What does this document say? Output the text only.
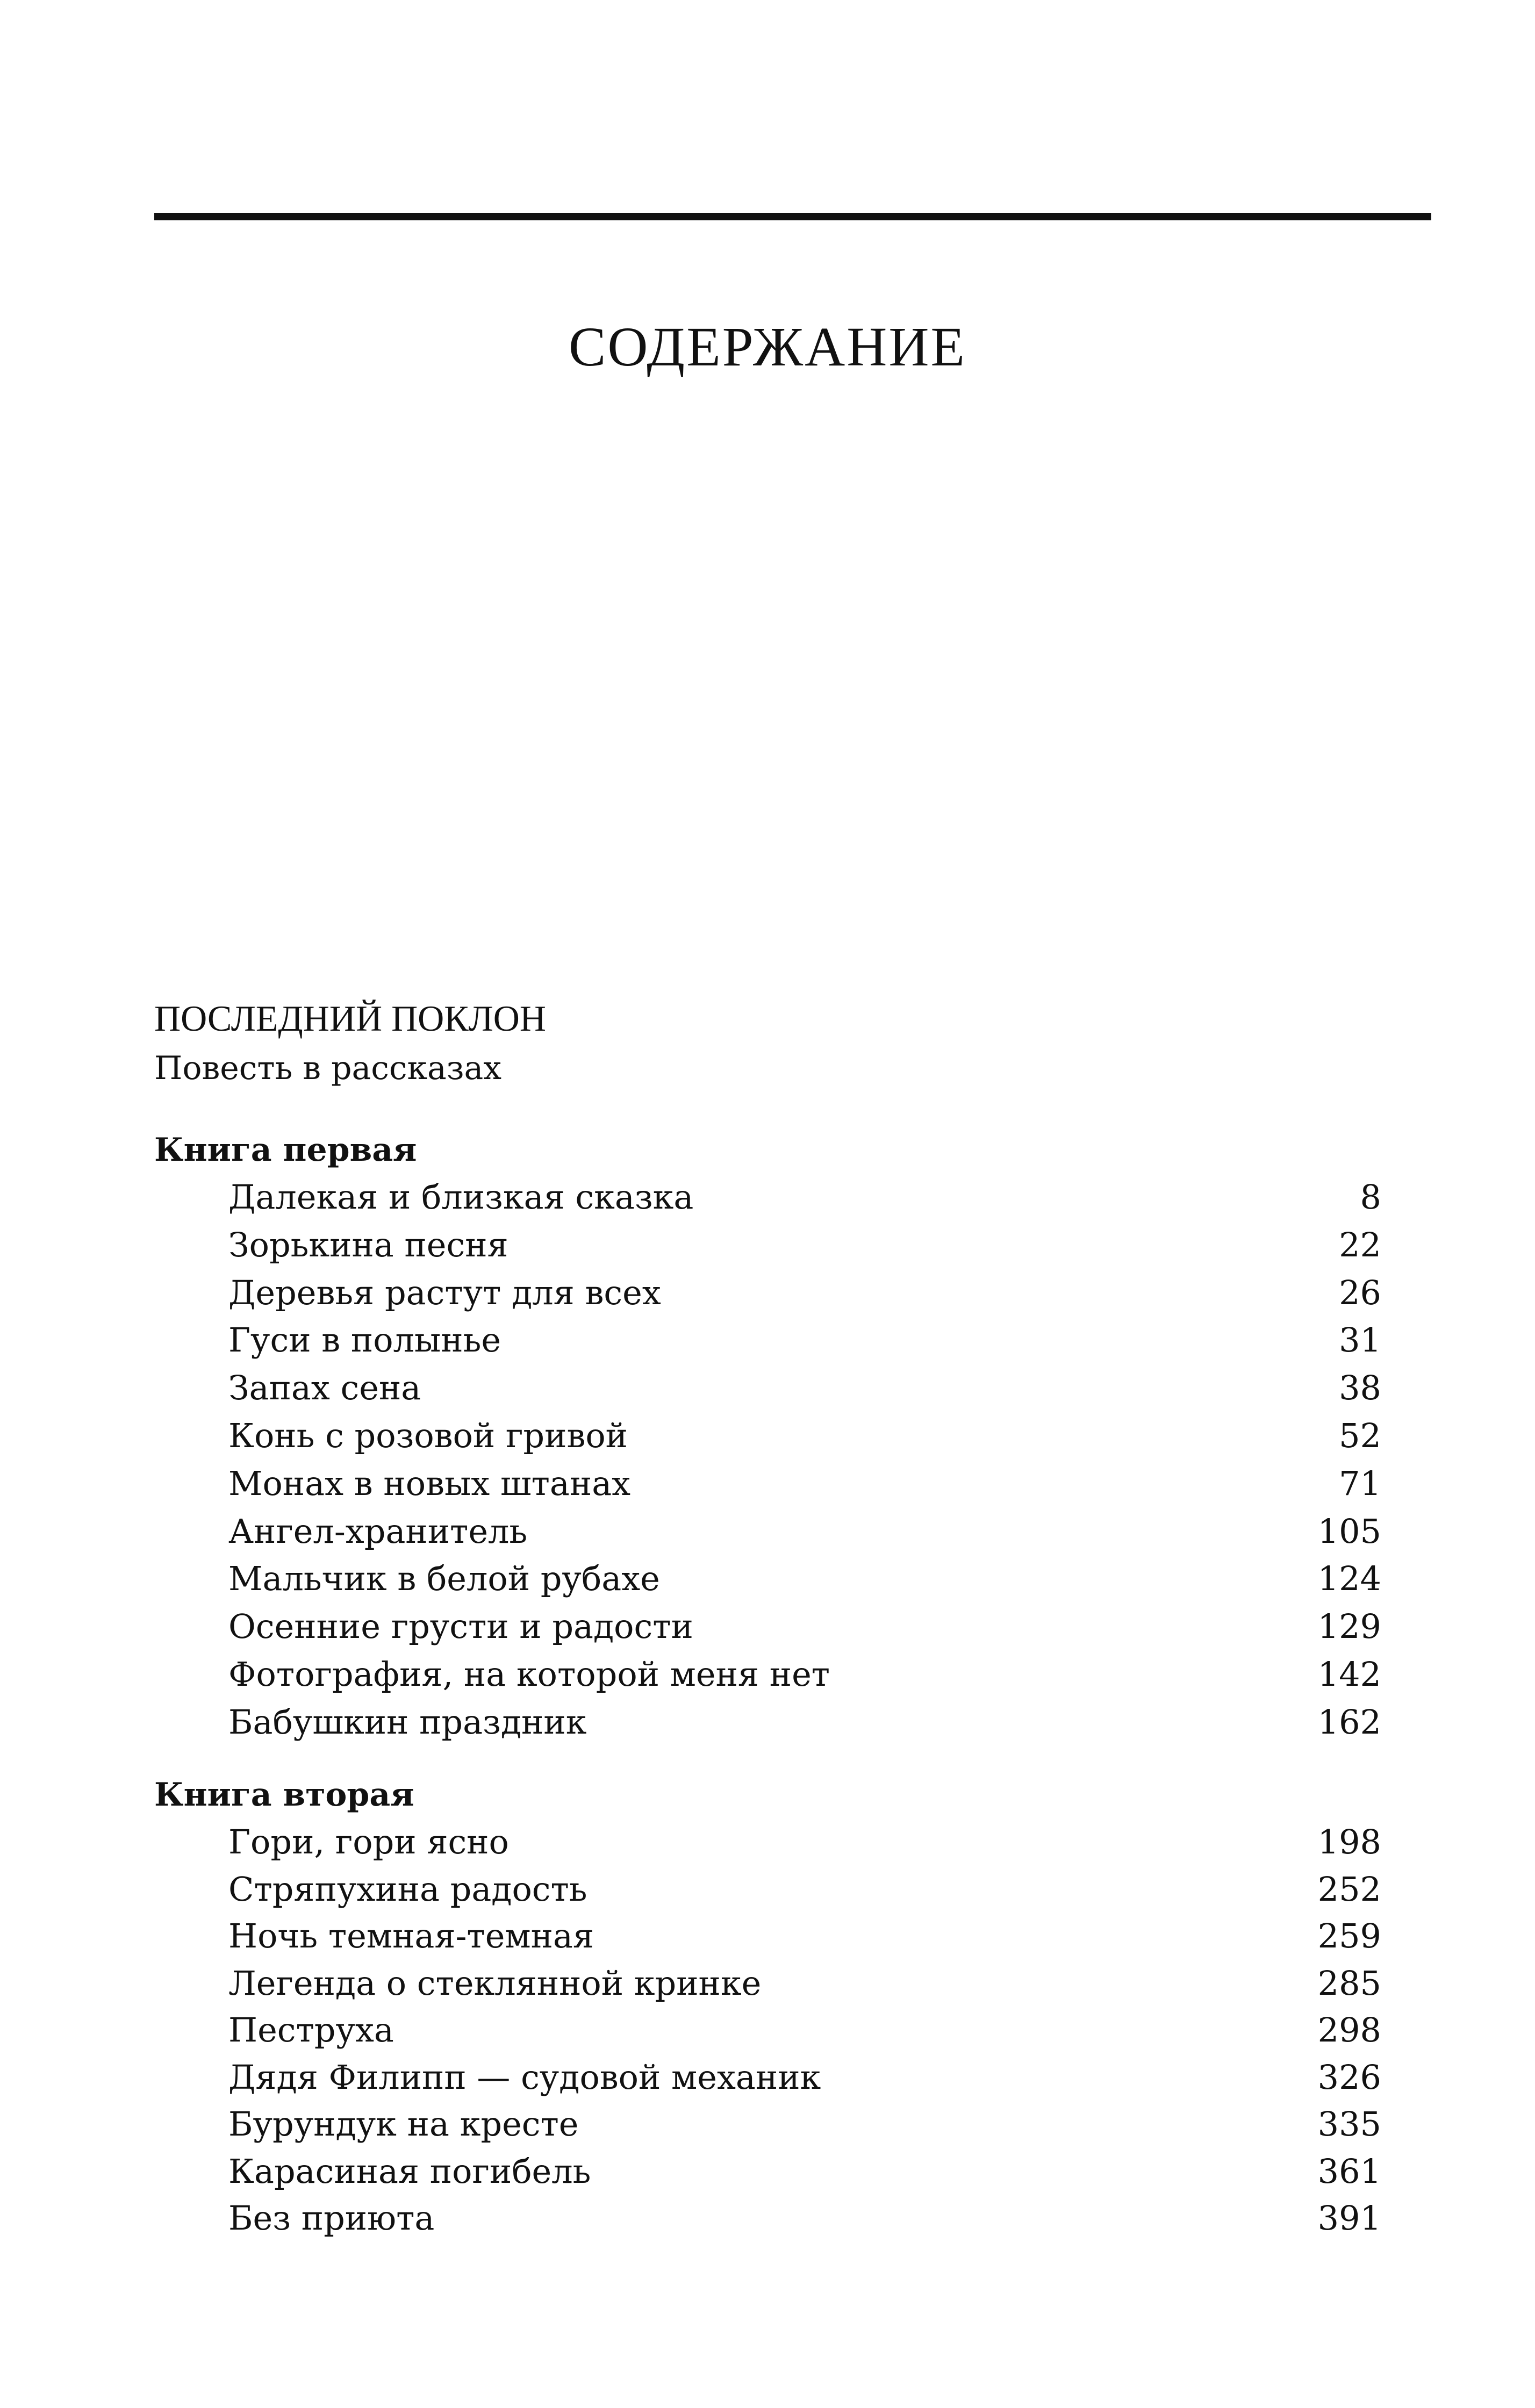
СОДЕРЖАНИЕ
ПОСЛЕДНИЙ ПОКЛОН

Повесть в рассказах

Книга первая
Далекая и близкая сказка	8
Зорькина песня	22
Деревья растут для всех	26
Гуси в полынье	31
Запах сена	38
Конь с розовой гривой	52
Монах в новых штанах	71
Ангел-хранитель	105
Мальчик в белой рубахе	124
Осенние грусти и радости	129
Фотография, на которой меня нет	142
Бабушкин праздник	162
Книга вторая
Гори, гори ясно	198
Стряпухина радость	252
Ночь темная-темная	259
Легенда о стеклянной кринке	285
Пеструха	298
Дядя Филипп — судовой механик	326
Бурундук на кресте	335
Карасиная погибель	361
Без приюта	391
